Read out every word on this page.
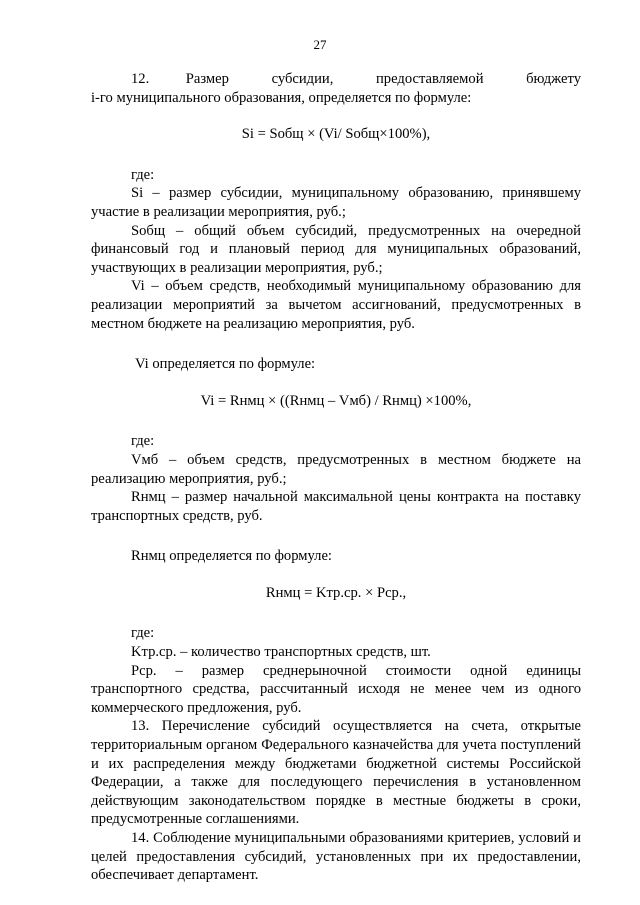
27

12.      Размер       субсидии,       предоставляемой       бюджету

i-го муниципального образования, определяется по формуле:

Si = Sобщ × (Vi/ Sобщ×100%),

где:

Si – размер субсидии, муниципальному образованию, принявшему участие в реализации мероприятия, руб.;

Sобщ – общий объем субсидий, предусмотренных на очередной финансовый год и плановый период для муниципальных образований, участвующих в реализации мероприятия, руб.;

Vi – объем средств, необходимый муниципальному образованию для реализации мероприятий за вычетом ассигнований, предусмотренных в местном бюджете на реализацию мероприятия, руб.

Vi определяется по формуле:

Vi = Rнмц × ((Rнмц – Vмб) / Rнмц) ×100%,

где:

Vмб – объем средств, предусмотренных в местном бюджете на реализацию мероприятия, руб.;

Rнмц – размер начальной максимальной цены контракта на поставку транспортных средств, руб.

Rнмц определяется по формуле:

Rнмц = Kтр.ср. × Pср.,

где:

Kтр.ср. – количество транспортных средств, шт.

Pср. – размер среднерыночной стоимости одной единицы транспортного средства, рассчитанный исходя не менее чем из одного коммерческого предложения, руб.

13. Перечисление субсидий осуществляется на счета, открытые территориальным органом Федерального казначейства для учета поступлений и их распределения между бюджетами бюджетной системы Российской Федерации, а также для последующего перечисления в установленном действующим законодательством порядке в местные бюджеты в сроки, предусмотренные соглашениями.

14. Соблюдение муниципальными образованиями критериев, условий и целей предоставления субсидий, установленных при их предоставлении, обеспечивает департамент.
